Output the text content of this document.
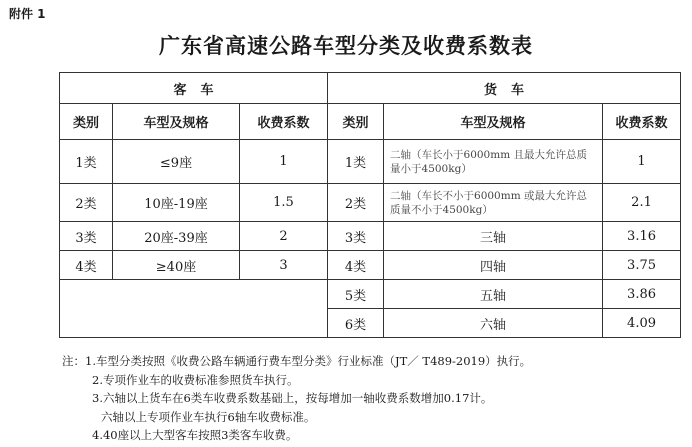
附件 1
广东省高速公路车型分类及收费系数表
客车			货车		
类别	车型及规格	收费系数	类别	车型及规格	收费系数
1类	≤9座	1	1类	二轴（车长小于6000mm 且最大允许总质量小于4500kg）	1
2类	10座-19座	1.5	2类	二轴（车长不小于6000mm 或最大允许总质量不小于4500kg）	2.1
3类	20座-39座	2	3类	三轴	3.16
4类	≥40座	3	4类	四轴	3.75
			5类	五轴	3.86
			6类	六轴	4.09
注：1.车型分类按照《收费公路车辆通行费车型分类》行业标准（JT／ T489-2019）执行。
2.专项作业车的收费标准参照货车执行。
3.六轴以上货车在6类车收费系数基础上，按每增加一轴收费系数增加0.17计。
六轴以上专项作业车执行6轴车收费标准。
4.40座以上大型客车按照3类客车收费。
